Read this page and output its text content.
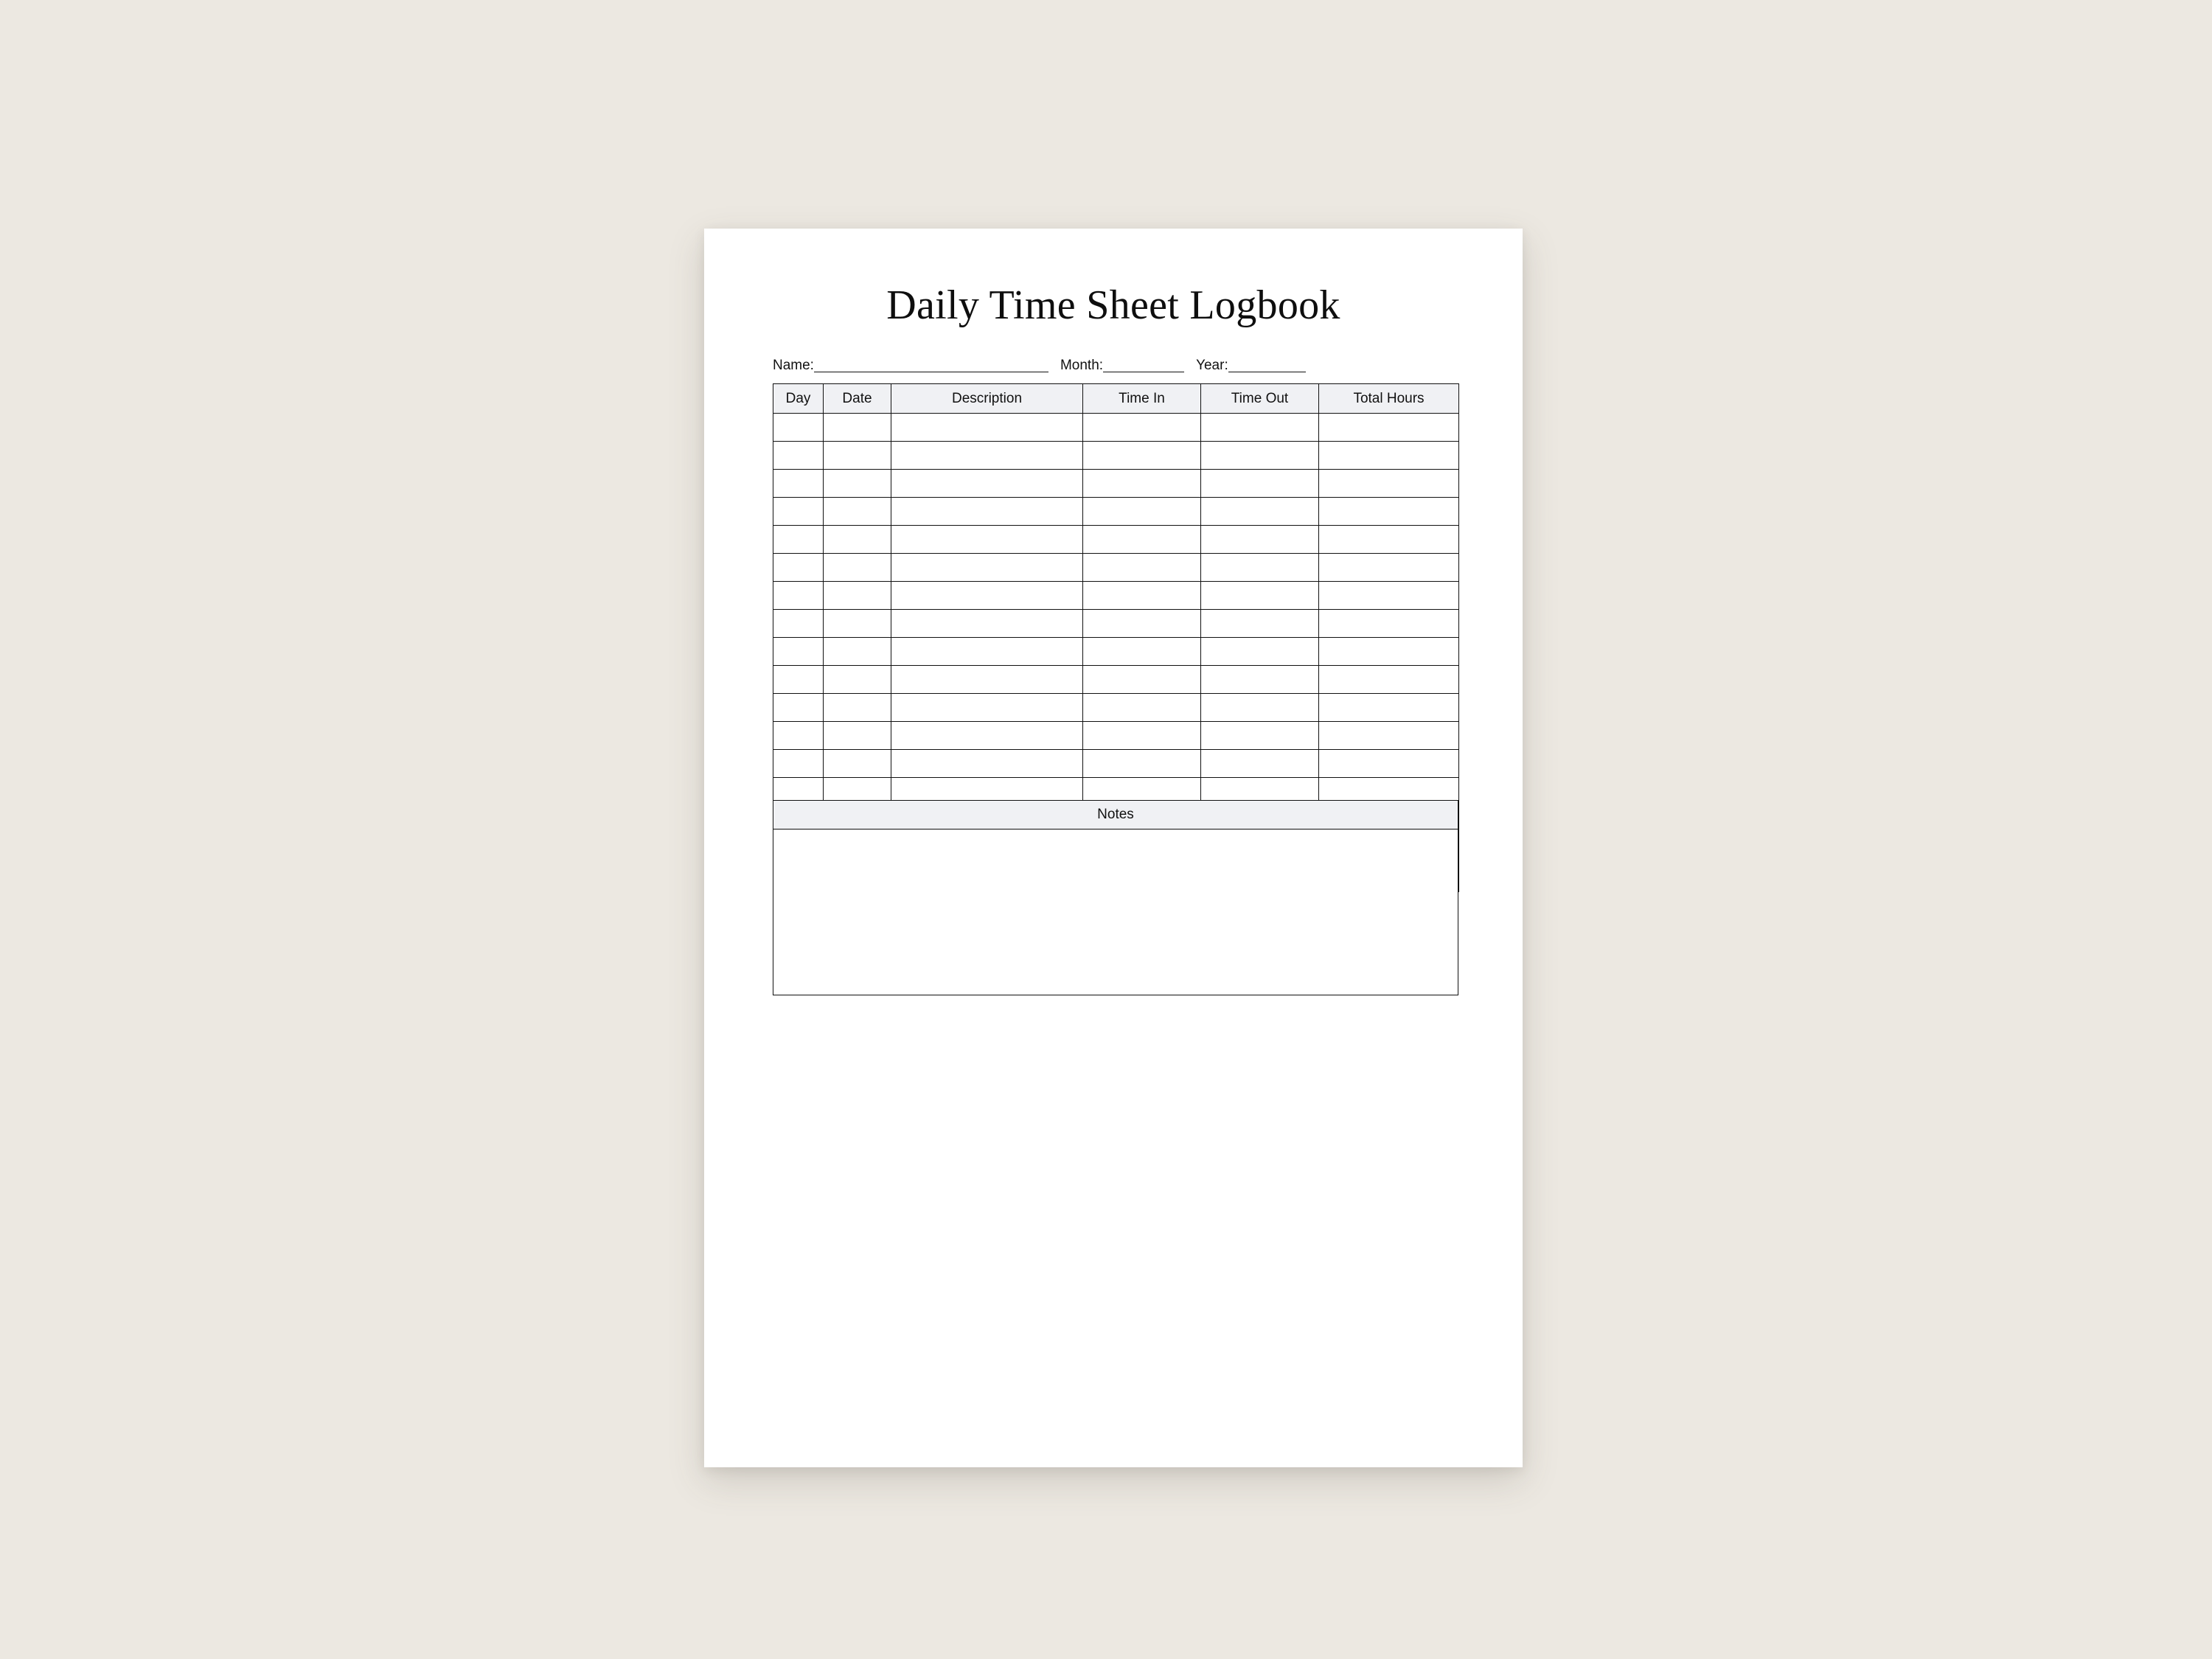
Daily Time Sheet Logbook
Name:	Month:	Year:
Day	Date	Description	Time In	Time Out	Total Hours

Notes
